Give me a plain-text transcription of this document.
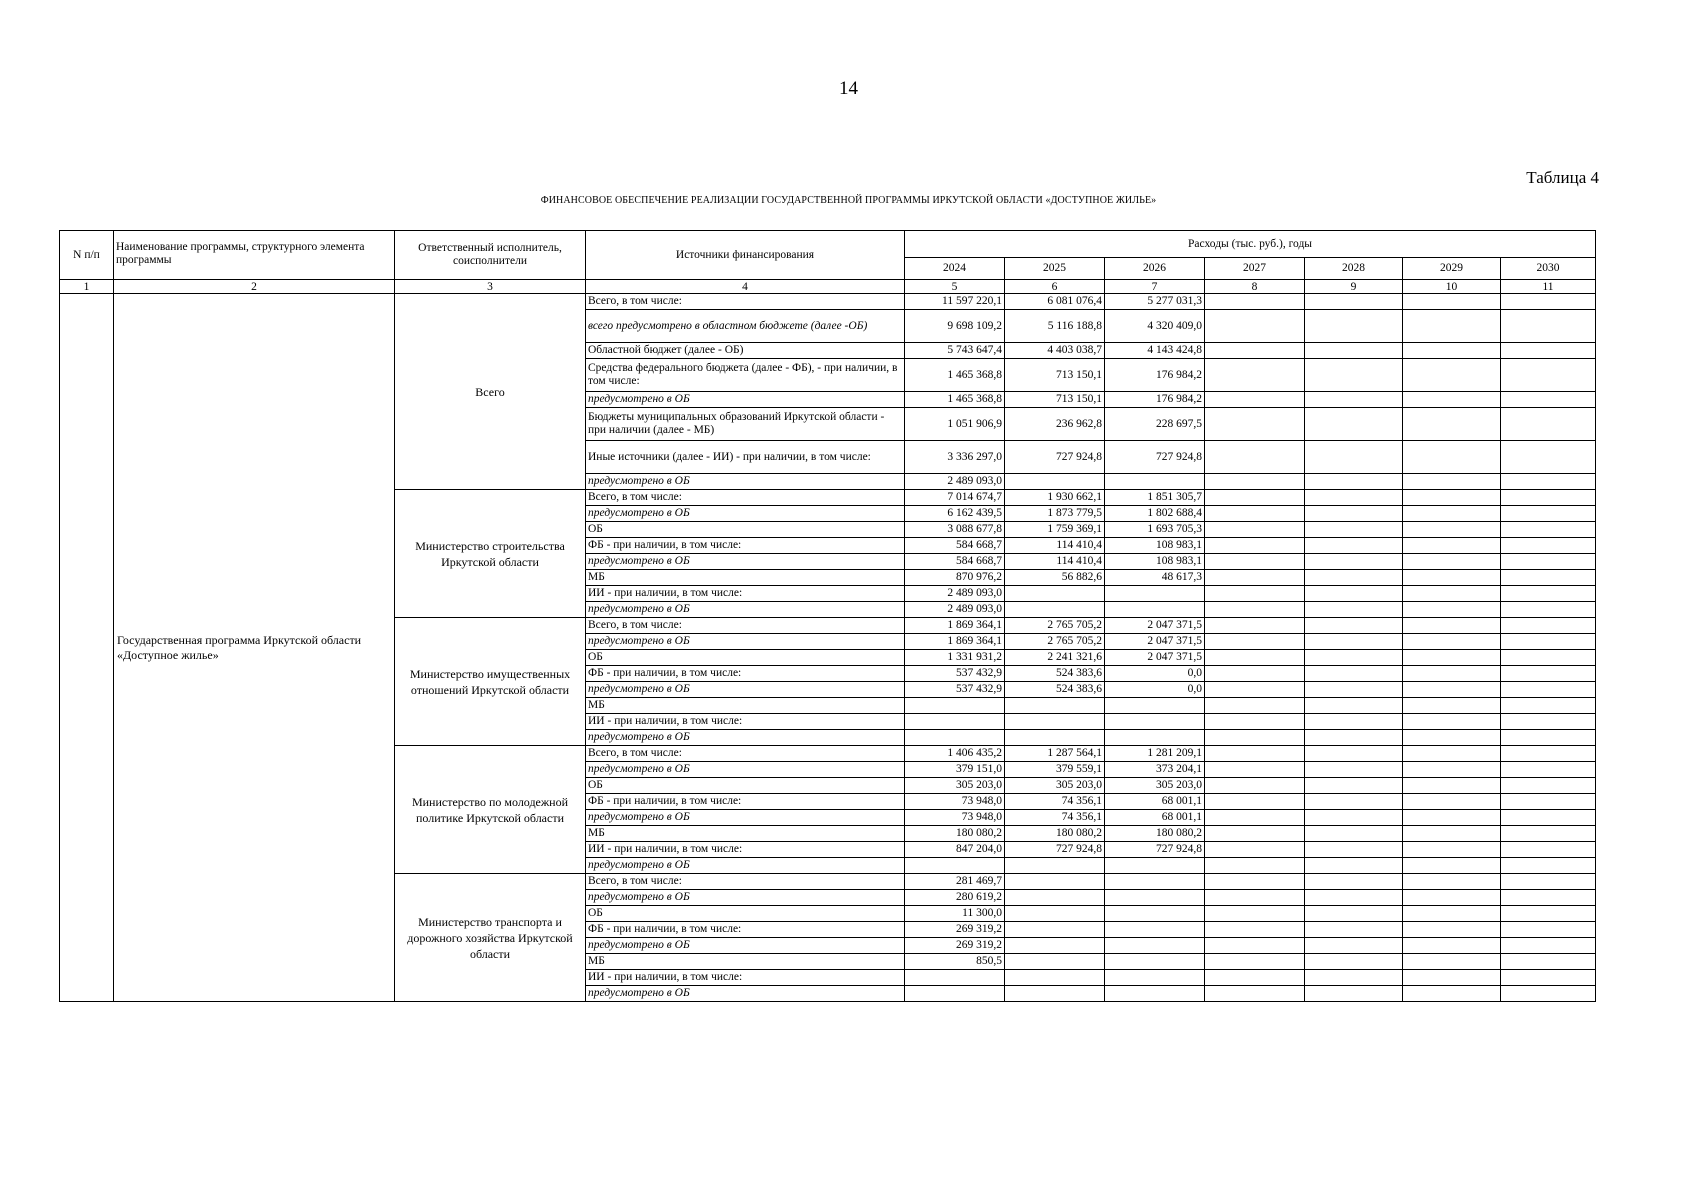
14
Таблица 4
ФИНАНСОВОЕ ОБЕСПЕЧЕНИЕ РЕАЛИЗАЦИИ ГОСУДАРСТВЕННОЙ ПРОГРАММЫ ИРКУТСКОЙ ОБЛАСТИ «ДОСТУПНОЕ ЖИЛЬЕ»
N п/п	Наименование программы, структурного элемента программы	Ответственный исполнитель, соисполнители	Источники финансирования	Расходы (тыс. руб.), годы						
				2024	2025	2026	2027	2028	2029	2030
1	2	3	4	5	6	7	8	9	10	11
	Государственная программа Иркутской области «Доступное жилье»	Всего	Всего, в том числе:	11 597 220,1	6 081 076,4	5 277 031,3				
			всего предусмотрено в областном бюджете (далее -ОБ)	9 698 109,2	5 116 188,8	4 320 409,0				
			Областной бюджет (далее - ОБ)	5 743 647,4	4 403 038,7	4 143 424,8				
			Средства федерального бюджета (далее - ФБ), - при наличии, в том числе:	1 465 368,8	713 150,1	176 984,2				
			предусмотрено в ОБ	1 465 368,8	713 150,1	176 984,2				
			Бюджеты муниципальных образований Иркутской области - при наличии (далее - МБ)	1 051 906,9	236 962,8	228 697,5				
			Иные источники (далее - ИИ) - при наличии, в том числе:	3 336 297,0	727 924,8	727 924,8				
			предусмотрено в ОБ	2 489 093,0						
		Министерство строительства Иркутской области	Всего, в том числе:	7 014 674,7	1 930 662,1	1 851 305,7				
			предусмотрено в ОБ	6 162 439,5	1 873 779,5	1 802 688,4				
			ОБ	3 088 677,8	1 759 369,1	1 693 705,3				
			ФБ - при наличии, в том числе:	584 668,7	114 410,4	108 983,1				
			предусмотрено в ОБ	584 668,7	114 410,4	108 983,1				
			МБ	870 976,2	56 882,6	48 617,3				
			ИИ - при наличии, в том числе:	2 489 093,0						
			предусмотрено в ОБ	2 489 093,0						
		Министерство имущественных отношений Иркутской области	Всего, в том числе:	1 869 364,1	2 765 705,2	2 047 371,5				
			предусмотрено в ОБ	1 869 364,1	2 765 705,2	2 047 371,5				
			ОБ	1 331 931,2	2 241 321,6	2 047 371,5				
			ФБ - при наличии, в том числе:	537 432,9	524 383,6	0,0				
			предусмотрено в ОБ	537 432,9	524 383,6	0,0				
			МБ							
			ИИ - при наличии, в том числе:							
			предусмотрено в ОБ							
		Министерство по молодежной политике Иркутской области	Всего, в том числе:	1 406 435,2	1 287 564,1	1 281 209,1				
			предусмотрено в ОБ	379 151,0	379 559,1	373 204,1				
			ОБ	305 203,0	305 203,0	305 203,0				
			ФБ - при наличии, в том числе:	73 948,0	74 356,1	68 001,1				
			предусмотрено в ОБ	73 948,0	74 356,1	68 001,1				
			МБ	180 080,2	180 080,2	180 080,2				
			ИИ - при наличии, в том числе:	847 204,0	727 924,8	727 924,8				
			предусмотрено в ОБ							
		Министерство транспорта и дорожного хозяйства Иркутской области	Всего, в том числе:	281 469,7						
			предусмотрено в ОБ	280 619,2						
			ОБ	11 300,0						
			ФБ - при наличии, в том числе:	269 319,2						
			предусмотрено в ОБ	269 319,2						
			МБ	850,5						
			ИИ - при наличии, в том числе:							
			предусмотрено в ОБ							
